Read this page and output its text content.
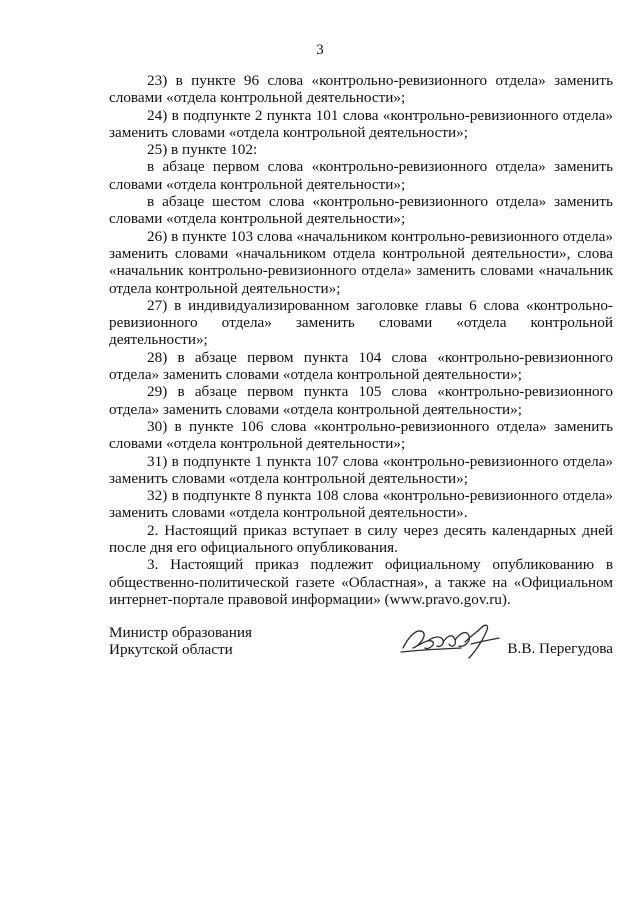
3

23) в пункте 96 слова «контрольно-ревизионного отдела» заменить словами «отдела контрольной деятельности»;

24) в подпункте 2 пункта 101 слова «контрольно-ревизионного отдела» заменить словами «отдела контрольной деятельности»;

25) в пункте 102:

в абзаце первом слова «контрольно-ревизионного отдела» заменить словами «отдела контрольной деятельности»;

в абзаце шестом слова «контрольно-ревизионного отдела» заменить словами «отдела контрольной деятельности»;

26) в пункте 103 слова «начальником контрольно-ревизионного отдела» заменить словами «начальником отдела контрольной деятельности», слова «начальник контрольно-ревизионного отдела» заменить словами «начальник отдела контрольной деятельности»;

27) в индивидуализированном заголовке главы 6 слова «контрольно-ревизионного отдела» заменить словами «отдела контрольной деятельности»;

28) в абзаце первом пункта 104 слова «контрольно-ревизионного отдела» заменить словами «отдела контрольной деятельности»;

29) в абзаце первом пункта 105 слова «контрольно-ревизионного отдела» заменить словами «отдела контрольной деятельности»;

30) в пункте 106 слова «контрольно-ревизионного отдела» заменить словами «отдела контрольной деятельности»;

31) в подпункте 1 пункта 107 слова «контрольно-ревизионного отдела» заменить словами «отдела контрольной деятельности»;

32) в подпункте 8 пункта 108 слова «контрольно-ревизионного отдела» заменить словами «отдела контрольной деятельности».

2. Настоящий приказ вступает в силу через десять календарных дней после дня его официального опубликования.

3. Настоящий приказ подлежит официальному опубликованию в общественно-политической газете «Областная», а также на «Официальном интернет-портале правовой информации» (www.pravo.gov.ru).

Министр образования
Иркутской области	В.В. Перегудова
